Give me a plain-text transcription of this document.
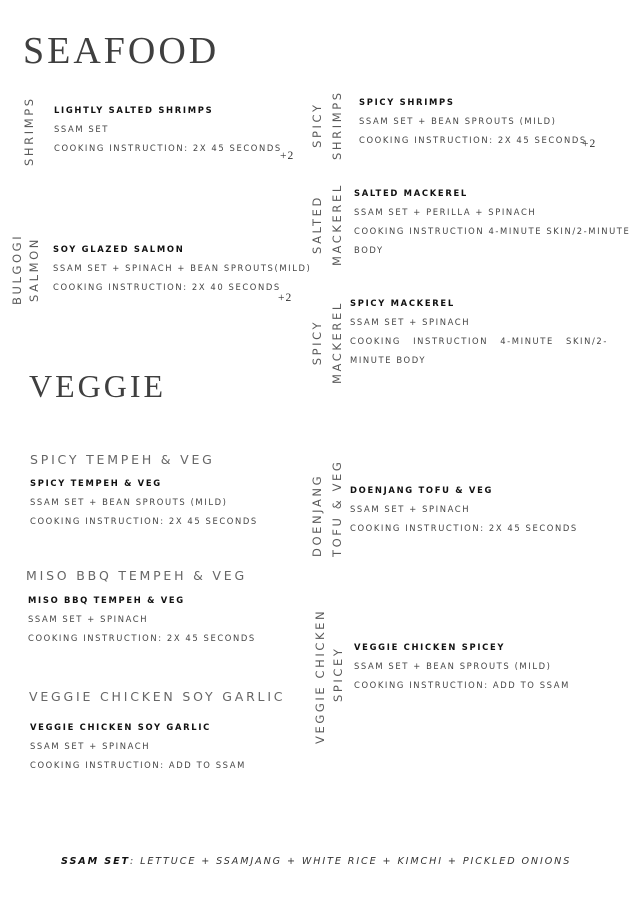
SEAFOOD
SHRIMPS LIGHTLY SALTED SHRIMPS
SSAM SET
COOKING INSTRUCTION: 2X 45 SECONDS
+2
SPICY SHRIMPS SPICY SHRIMPS
SSAM SET + BEAN SPROUTS (MILD)
COOKING INSTRUCTION: 2X 45 SECONDS
+2
SALTED MACKEREL SALTED MACKEREL
SSAM SET + PERILLA + SPINACH
COOKING INSTRUCTION 4-MINUTE SKIN/2-MINUTE
BODY
BULGOGI SALMON SOY GLAZED SALMON
SSAM SET + SPINACH + BEAN SPROUTS(MILD)
COOKING INSTRUCTION: 2X 40 SECONDS
+2
SPICY MACKEREL SPICY MACKEREL
SSAM SET + SPINACH
COOKING INSTRUCTION 4-MINUTE SKIN/2-
MINUTE BODY
VEGGIE
SPICY TEMPEH & VEG
SPICY TEMPEH & VEG
SSAM SET + BEAN SPROUTS (MILD)
COOKING INSTRUCTION: 2X 45 SECONDS
MISO BBQ TEMPEH & VEG
MISO BBQ TEMPEH & VEG
SSAM SET + SPINACH
COOKING INSTRUCTION: 2X 45 SECONDS
VEGGIE CHICKEN SOY GARLIC
VEGGIE CHICKEN SOY GARLIC
SSAM SET + SPINACH
COOKING INSTRUCTION: ADD TO SSAM
DOENJANG TOFU & VEG DOENJANG TOFU & VEG
SSAM SET + SPINACH
COOKING INSTRUCTION: 2X 45 SECONDS
VEGGIE CHICKEN SPICEY VEGGIE CHICKEN SPICEY
SSAM SET + BEAN SPROUTS (MILD)
COOKING INSTRUCTION: ADD TO SSAM
SSAM SET: LETTUCE + SSAMJANG + WHITE RICE + KIMCHI + PICKLED ONIONS
